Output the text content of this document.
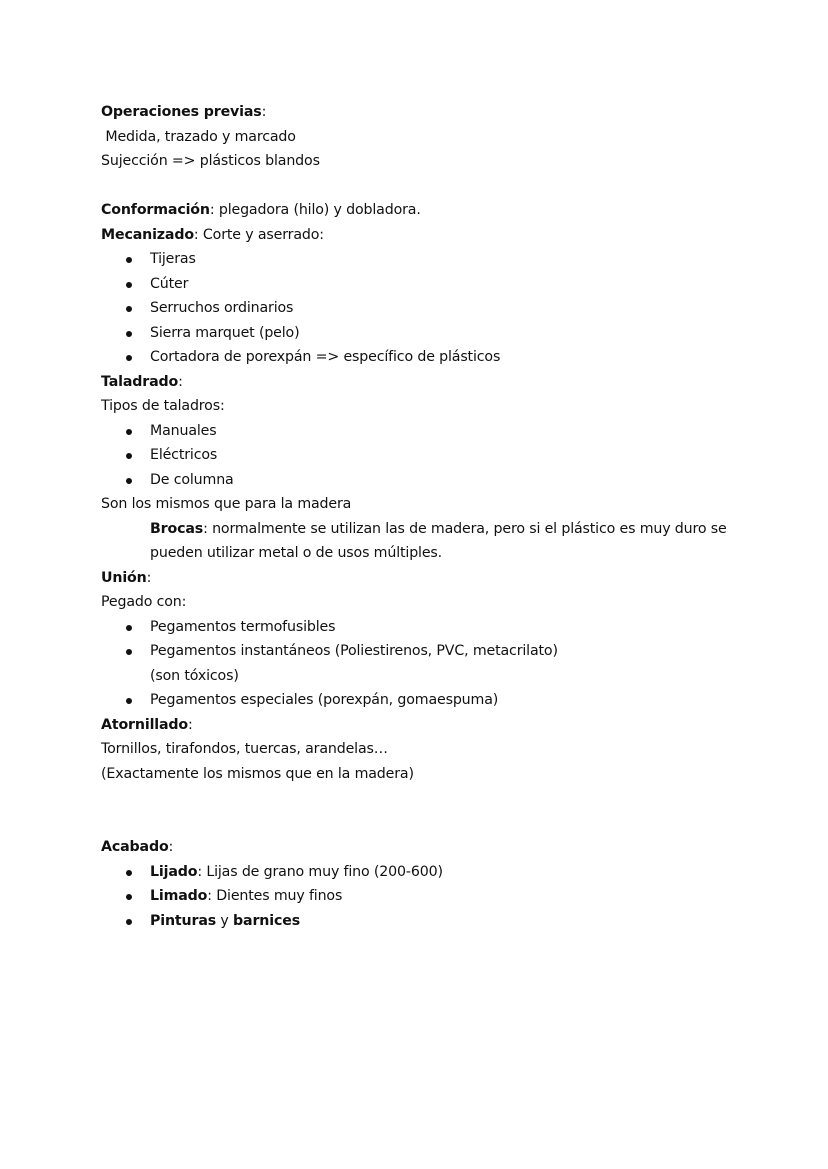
Operaciones previas:
Medida, trazado y marcado
Sujección => plásticos blandos
Conformación: plegadora (hilo) y dobladora.
Mecanizado: Corte y aserrado:
Tijeras
Cúter
Serruchos ordinarios
Sierra marquet (pelo)
Cortadora de porexpán => específico de plásticos
Taladrado:
Tipos de taladros:
Manuales
Eléctricos
De columna
Son los mismos que para la madera
Brocas: normalmente se utilizan las de madera, pero si el plástico es muy duro se
pueden utilizar metal o de usos múltiples.
Unión:
Pegado con:
Pegamentos termofusibles
Pegamentos instantáneos (Poliestirenos, PVC, metacrilato)
(son tóxicos)
Pegamentos especiales (porexpán, gomaespuma)
Atornillado:
Tornillos, tirafondos, tuercas, arandelas…
(Exactamente los mismos que en la madera)
Acabado:
Lijado: Lijas de grano muy fino (200-600)
Limado: Dientes muy finos
Pinturas y barnices
